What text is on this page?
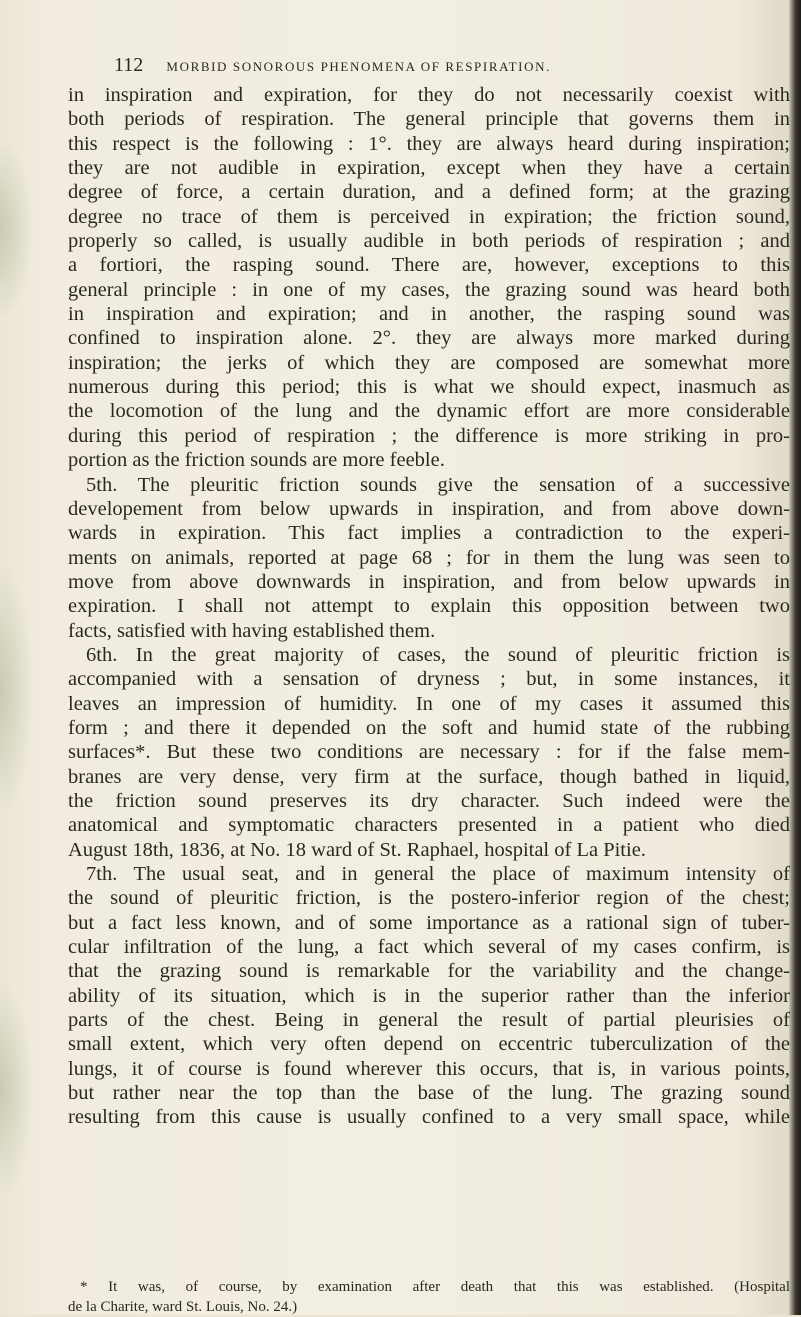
112 MORBID SONOROUS PHENOMENA OF RESPIRATION.
in inspiration and expiration, for they do not necessarily coexist with
both periods of respiration. The general principle that governs them in
this respect is the following : 1°. they are always heard during inspiration;
they are not audible in expiration, except when they have a certain
degree of force, a certain duration, and a defined form; at the grazing
degree no trace of them is perceived in expiration; the friction sound,
properly so called, is usually audible in both periods of respiration ; and
a fortiori, the rasping sound. There are, however, exceptions to this
general principle : in one of my cases, the grazing sound was heard both
in inspiration and expiration; and in another, the rasping sound was
confined to inspiration alone. 2°. they are always more marked during
inspiration; the jerks of which they are composed are somewhat more
numerous during this period; this is what we should expect, inasmuch as
the locomotion of the lung and the dynamic effort are more considerable
during this period of respiration ; the difference is more striking in pro-
portion as the friction sounds are more feeble.
5th. The pleuritic friction sounds give the sensation of a successive
developement from below upwards in inspiration, and from above down-
wards in expiration. This fact implies a contradiction to the experi-
ments on animals, reported at page 68 ; for in them the lung was seen to
move from above downwards in inspiration, and from below upwards in
expiration. I shall not attempt to explain this opposition between two
facts, satisfied with having established them.
6th. In the great majority of cases, the sound of pleuritic friction is
accompanied with a sensation of dryness ; but, in some instances, it
leaves an impression of humidity. In one of my cases it assumed this
form ; and there it depended on the soft and humid state of the rubbing
surfaces*. But these two conditions are necessary : for if the false mem-
branes are very dense, very firm at the surface, though bathed in liquid,
the friction sound preserves its dry character. Such indeed were the
anatomical and symptomatic characters presented in a patient who died
August 18th, 1836, at No. 18 ward of St. Raphael, hospital of La Pitie.
7th. The usual seat, and in general the place of maximum intensity of
the sound of pleuritic friction, is the postero-inferior region of the chest;
but a fact less known, and of some importance as a rational sign of tuber-
cular infiltration of the lung, a fact which several of my cases confirm, is
that the grazing sound is remarkable for the variability and the change-
ability of its situation, which is in the superior rather than the inferior
parts of the chest. Being in general the result of partial pleurisies of
small extent, which very often depend on eccentric tuberculization of the
lungs, it of course is found wherever this occurs, that is, in various points,
but rather near the top than the base of the lung. The grazing sound
resulting from this cause is usually confined to a very small space, while
* It was, of course, by examination after death that this was established. (Hospital
de la Charite, ward St. Louis, No. 24.)
